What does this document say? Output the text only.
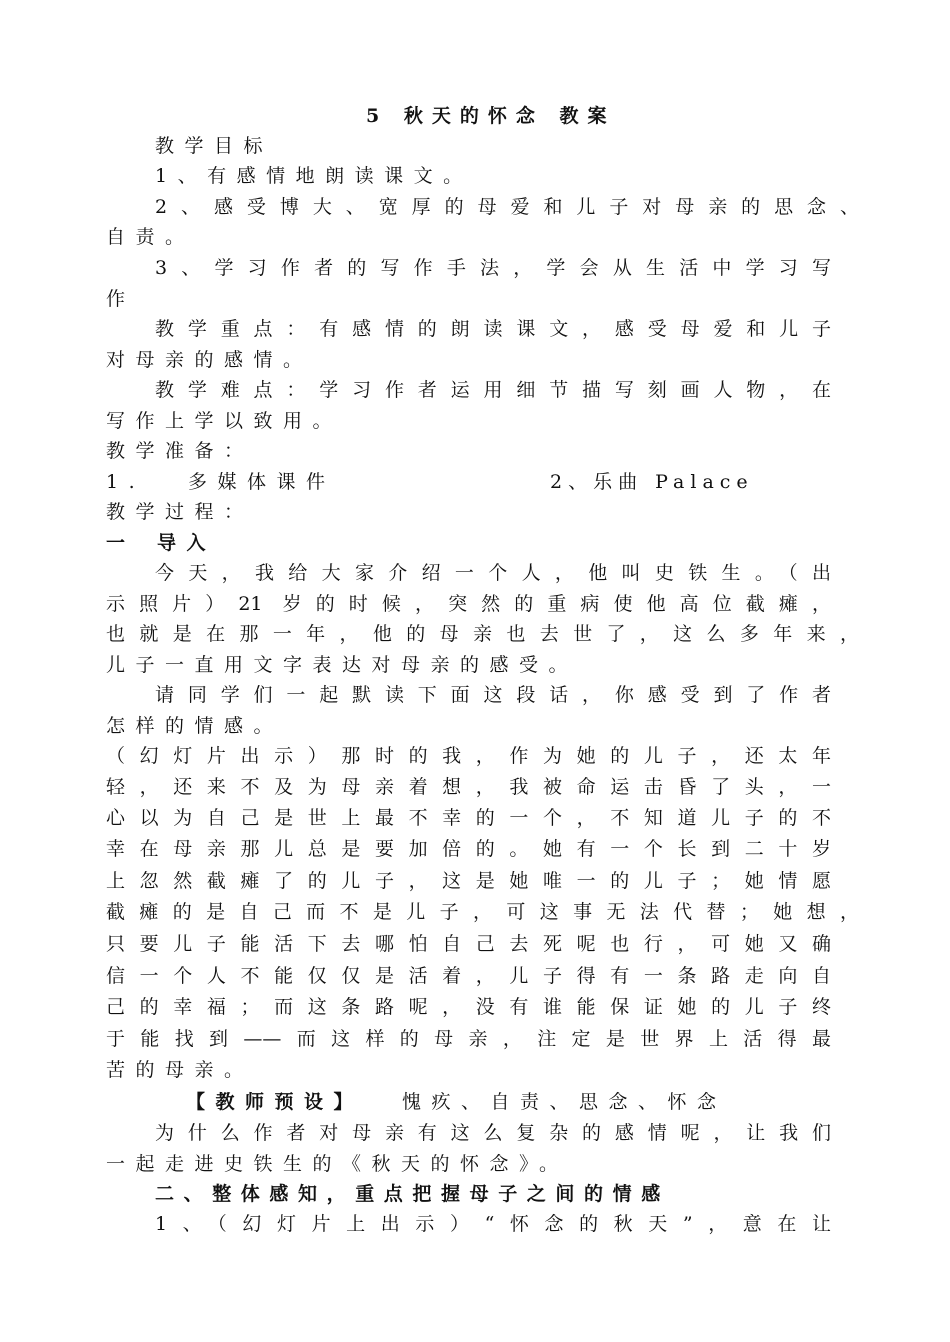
5 秋天的怀念 教案
教学目标
1、有感情地朗读课文。
2、感受博大、宽厚的母爱和儿子对母亲的思念、
自责。
3、学习作者的写作手法，学会从生活中学习写
作
教学重点：有感情的朗读课文，感受母爱和儿子
对母亲的感情。
教学难点：学习作者运用细节描写刻画人物，在
写作上学以致用。
教学准备：
1. 多媒体课件	2、乐曲 Palace
教学过程：
一 导入
今天，我给大家介绍一个人，他叫史铁生。（出
示照片）21 岁的时候，突然的重病使他高位截瘫，
也就是在那一年，他的母亲也去世了，这么多年来，
儿子一直用文字表达对母亲的感受。
请同学们一起默读下面这段话，你感受到了作者
怎样的情感。
（幻灯片出示）那时的我，作为她的儿子，还太年
轻，还来不及为母亲着想，我被命运击昏了头，一
心以为自己是世上最不幸的一个，不知道儿子的不
幸在母亲那儿总是要加倍的。她有一个长到二十岁
上忽然截瘫了的儿子，这是她唯一的儿子；她情愿
截瘫的是自己而不是儿子，可这事无法代替；她想，
只要儿子能活下去哪怕自己去死呢也行，可她又确
信一个人不能仅仅是活着，儿子得有一条路走向自
己的幸福；而这条路呢，没有谁能保证她的儿子终
于能找到——而这样的母亲，注定是世界上活得最
苦的母亲。
【教师预设】 愧疚、自责、思念、怀念
为什么作者对母亲有这么复杂的感情呢，让我们
一起走进史铁生的《秋天的怀念》。
二、整体感知，重点把握母子之间的情感
1、（幻灯片上出示）“怀念的秋天”，意在让
